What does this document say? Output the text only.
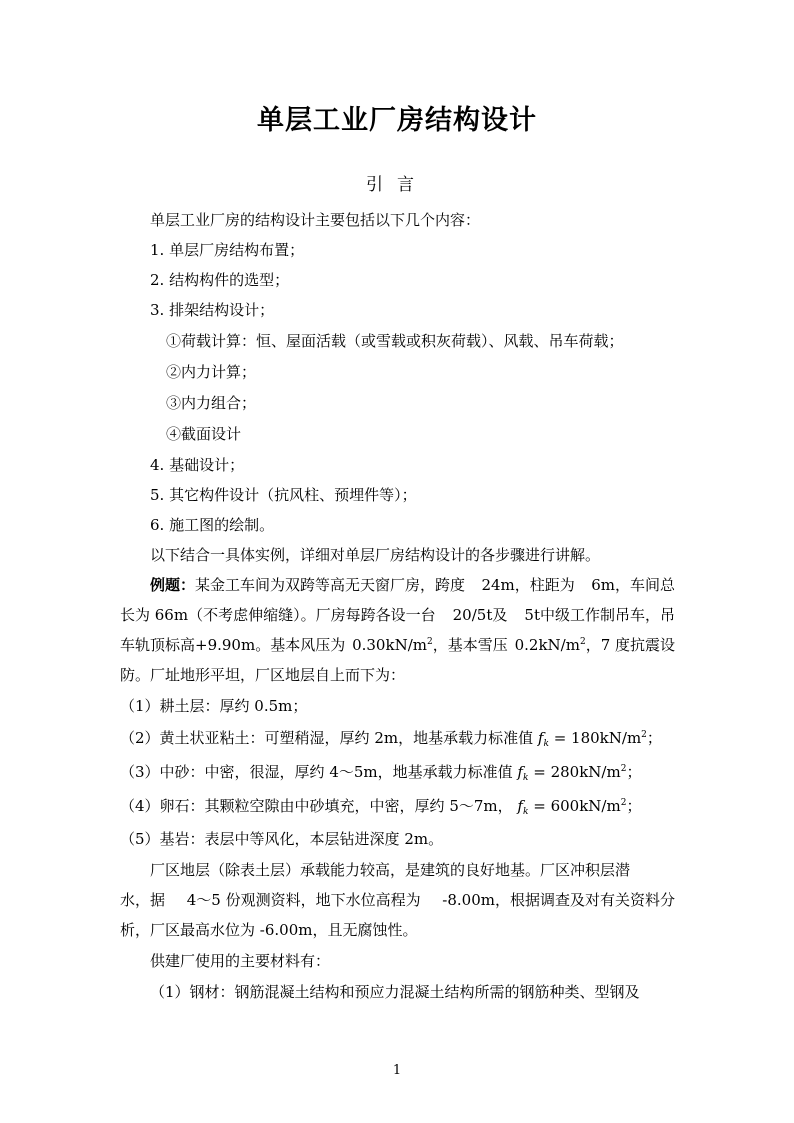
单层工业厂房结构设计
引言
单层工业厂房的结构设计主要包括以下几个内容：
1. 单层厂房结构布置；
2. 结构构件的选型；
3. 排架结构设计；
①荷载计算：恒、屋面活载（或雪载或积灰荷载）、风载、吊车荷载；
②内力计算；
③内力组合；
④截面设计
4. 基础设计；
5. 其它构件设计（抗风柱、预埋件等）；
6. 施工图的绘制。
以下结合一具体实例，详细对单层厂房结构设计的各步骤进行讲解。
例题：某金工车间为双跨等高无天窗厂房，跨度 24m，柱距为 6m，车间总
长为 66m（不考虑伸缩缝）。厂房每跨各设一台 20/5t及 5t中级工作制吊车，吊
车轨顶标高+9.90m。基本风压为 $0.30kN/m^2$，基本雪压 $0.2kN/m^2$，7 度抗震设
防。厂址地形平坦，厂区地层自上而下为：
（1）耕土层：厚约 0.5m；
（2）黄土状亚粘土：可塑稍湿，厚约 2m，地基承载力标准值 $f_k = 180kN/m^2$；
（3）中砂：中密，很湿，厚约 4～5m，地基承载力标准值 $f_k = 280kN/m^2$；
（4）卵石：其颗粒空隙由中砂填充，中密，厚约 5～7m， $f_k = 600kN/m^2$；
（5）基岩：表层中等风化，本层钻进深度 2m。
厂区地层（除表土层）承载能力较高，是建筑的良好地基。厂区冲积层潜
水，据 4～5 份观测资料，地下水位高程为 -8.00m，根据调查及对有关资料分
析，厂区最高水位为 -6.00m，且无腐蚀性。
供建厂使用的主要材料有：
（1）钢材：钢筋混凝土结构和预应力混凝土结构所需的钢筋种类、型钢及
1
